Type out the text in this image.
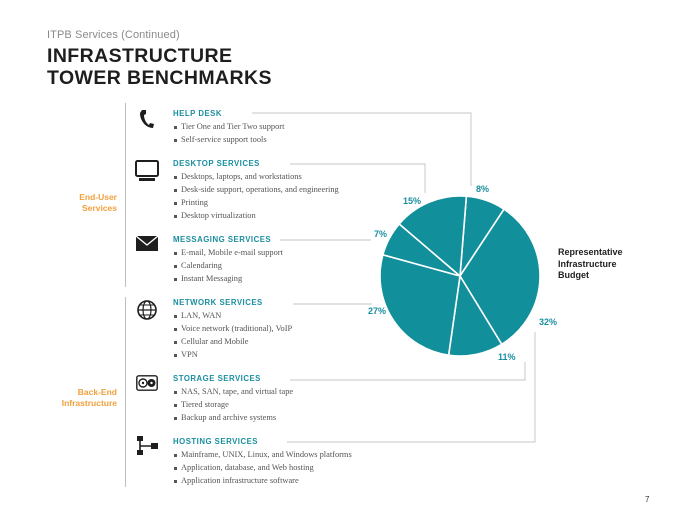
ITPB Services (Continued)
INFRASTRUCTURE
TOWER BENCHMARKS
End-User
Services
Back-End
Infrastructure
HELP DESK
Tier One and Tier Two support
Self-service support tools
DESKTOP SERVICES
Desktops, laptops, and workstations
Desk-side support, operations, and engineering
Printing
Desktop virtualization
MESSAGING SERVICES
E-mail, Mobile e-mail support
Calendaring
Instant Messaging
NETWORK SERVICES
LAN, WAN
Voice network (traditional), VoIP
Cellular and Mobile
VPN
STORAGE SERVICES
NAS, SAN, tape, and virtual tape
Tiered storage
Backup and archive systems
HOSTING SERVICES
Mainframe, UNIX, Linux, and Windows platforms
Application, database, and Web hosting
Application infrastructure software
8%
32%
11%
27%
7%
15%
Representative
Infrastructure
Budget
7
